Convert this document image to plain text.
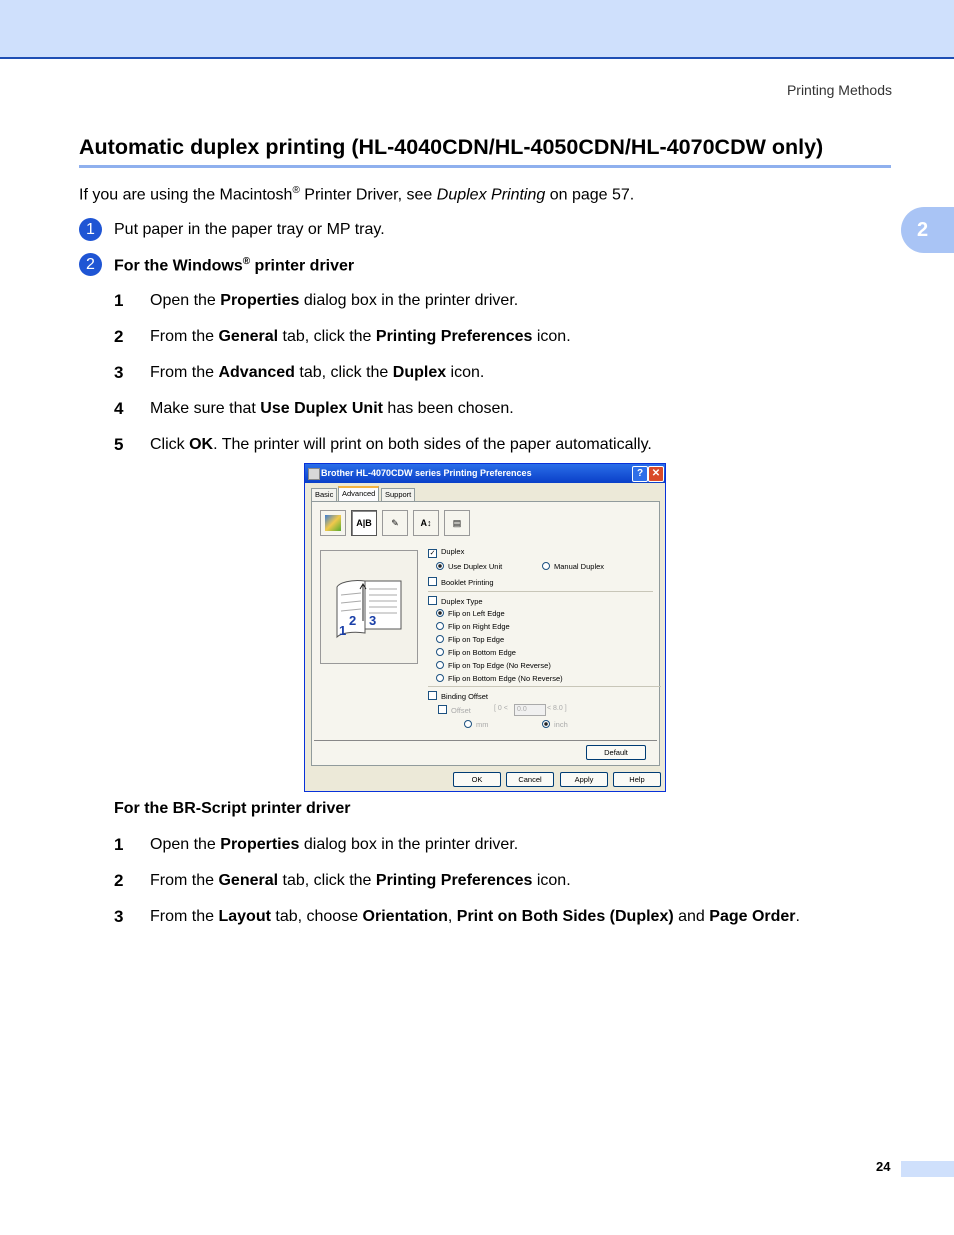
Printing Methods
2
Automatic duplex printing (HL-4040CDN/HL-4050CDN/HL-4070CDW only)
If you are using the Macintosh® Printer Driver, see Duplex Printing on page 57.
1	Put paper in the paper tray or MP tray.
2	For the Windows® printer driver
1 Open the Properties dialog box in the printer driver.
2 From the General tab, click the Printing Preferences icon.
3 From the Advanced tab, click the Duplex icon.
4 Make sure that Use Duplex Unit has been chosen.
5 Click OK. The printer will print on both sides of the paper automatically.
Brother HL-4070CDW series Printing Preferences	? ✕
Basic	Advanced	Support
A|B	✎	A↕	▤
2 3
1
✓ Duplex
Use Duplex Unit	Manual Duplex
Booklet Printing
Duplex Type
Flip on Left Edge
Flip on Right Edge
Flip on Top Edge
Flip on Bottom Edge
Flip on Top Edge (No Reverse)
Flip on Bottom Edge (No Reverse)
Binding Offset
Offset	[ 0 <	0.0	< 8.0 ]
mm	inch
Default
OK	Cancel	Apply	Help
For the BR-Script printer driver
1 Open the Properties dialog box in the printer driver.
2 From the General tab, click the Printing Preferences icon.
3 From the Layout tab, choose Orientation, Print on Both Sides (Duplex) and Page Order.
24
